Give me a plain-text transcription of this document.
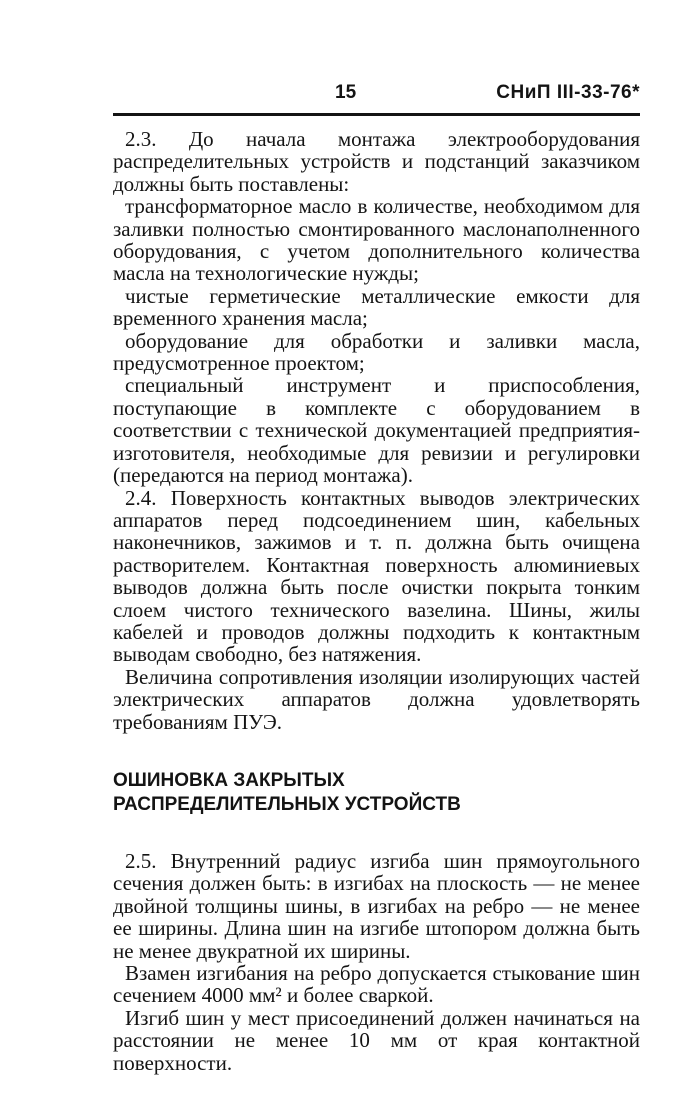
15	СНиП III-33-76*

2.3. До начала монтажа электрооборудования распределительных устройств и подстанций заказчиком должны быть поставлены:

трансформаторное масло в количестве, необходимом для заливки полностью смонтированного маслонаполненного оборудования, с учетом дополнительного количества масла на технологические нужды;

чистые герметические металлические емкости для временного хранения масла;

оборудование для обработки и заливки масла, предусмотренное проектом;

специальный инструмент и приспособления, поступающие в комплекте с оборудованием в соответствии с технической документацией предприятия-изготовителя, необходимые для ревизии и регулировки (передаются на период монтажа).

2.4. Поверхность контактных выводов электрических аппаратов перед подсоединением шин, кабельных наконечников, зажимов и т. п. должна быть очищена растворителем. Контактная поверхность алюминиевых выводов должна быть после очистки покрыта тонким слоем чистого технического вазелина. Шины, жилы кабелей и проводов должны подходить к контактным выводам свободно, без натяжения.

Величина сопротивления изоляции изолирующих частей электрических аппаратов должна удовлетворять требованиям ПУЭ.

ОШИНОВКА ЗАКРЫТЫХ
РАСПРЕДЕЛИТЕЛЬНЫХ УСТРОЙСТВ

2.5. Внутренний радиус изгиба шин прямоугольного сечения должен быть: в изгибах на плоскость — не менее двойной толщины шины, в изгибах на ребро — не менее ее ширины. Длина шин на изгибе штопором должна быть не менее двукратной их ширины.

Взамен изгибания на ребро допускается стыкование шин сечением 4000 мм² и более сваркой.

Изгиб шин у мест присоединений должен начинаться на расстоянии не менее 10 мм от края контактной поверхности.
